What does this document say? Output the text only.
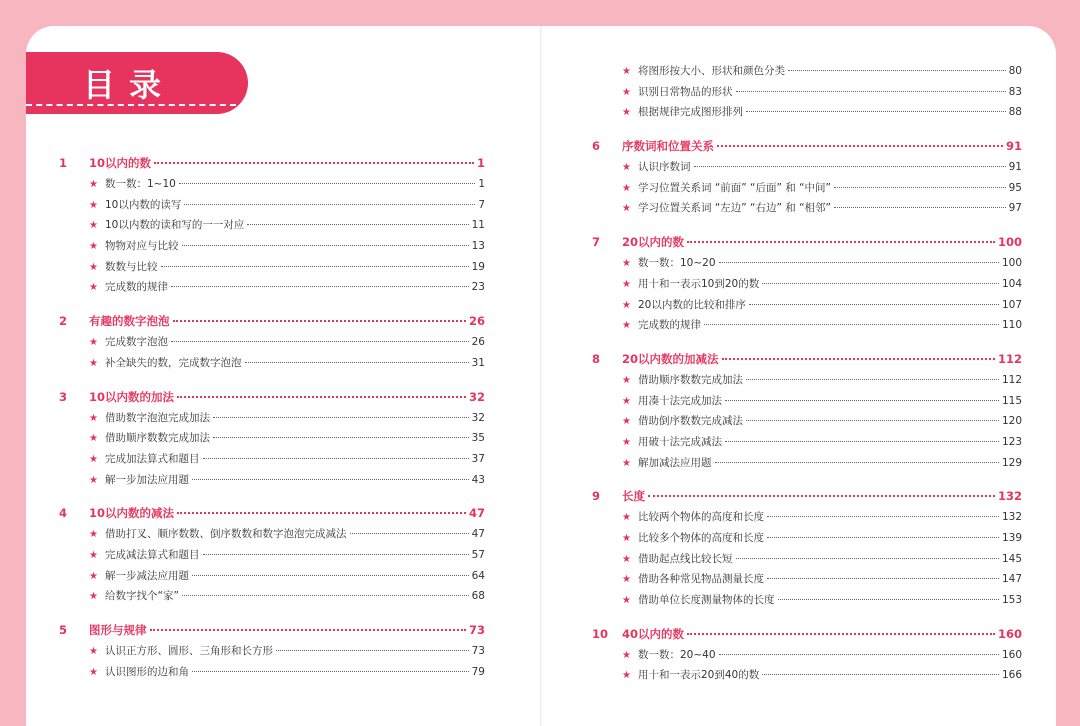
目录
1	10以内的数	1
★ 数一数：1~10	1
★ 10以内数的读写	7
★ 10以内数的读和写的一一对应	11
★ 物物对应与比较	13
★ 数数与比较	19
★ 完成数的规律	23
2	有趣的数字泡泡	26
★ 完成数字泡泡	26
★ 补全缺失的数，完成数字泡泡	31
3	10以内数的加法	32
★ 借助数字泡泡完成加法	32
★ 借助顺序数数完成加法	35
★ 完成加法算式和题目	37
★ 解一步加法应用题	43
4	10以内数的减法	47
★ 借助打叉、顺序数数、倒序数数和数字泡泡完成减法	47
★ 完成减法算式和题目	57
★ 解一步减法应用题	64
★ 给数字找个“家”	68
5	图形与规律	73
★ 认识正方形、圆形、三角形和长方形	73
★ 认识图形的边和角	79
★ 将图形按大小、形状和颜色分类	80
★ 识别日常物品的形状	83
★ 根据规律完成图形排列	88
6	序数词和位置关系	91
★ 认识序数词	91
★ 学习位置关系词 “前面” “后面” 和 “中间”	95
★ 学习位置关系词 “左边” “右边” 和 “相邻”	97
7	20以内的数	100
★ 数一数：10~20	100
★ 用十和一表示10到20的数	104
★ 20以内数的比较和排序	107
★ 完成数的规律	110
8	20以内数的加减法	112
★ 借助顺序数数完成加法	112
★ 用凑十法完成加法	115
★ 借助倒序数数完成减法	120
★ 用破十法完成减法	123
★ 解加减法应用题	129
9	长度	132
★ 比较两个物体的高度和长度	132
★ 比较多个物体的高度和长度	139
★ 借助起点线比较长短	145
★ 借助各种常见物品测量长度	147
★ 借助单位长度测量物体的长度	153
10	40以内的数	160
★ 数一数：20~40	160
★ 用十和一表示20到40的数	166
